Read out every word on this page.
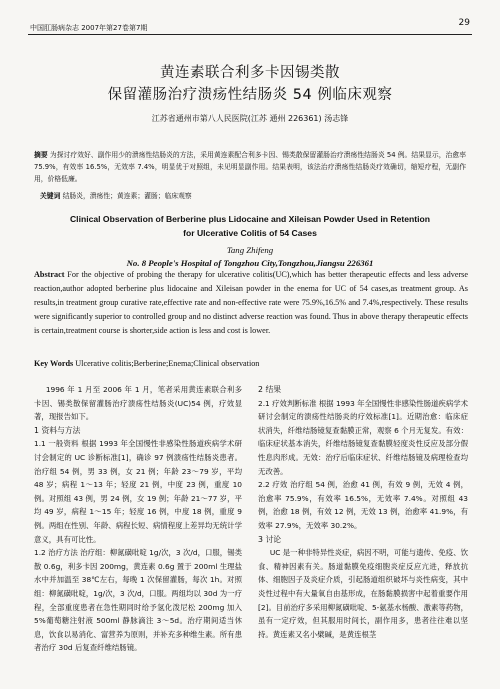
中国肛肠病杂志 2007年第27卷第7期	29
黄连素联合利多卡因锡类散
保留灌肠治疗溃疡性结肠炎 54 例临床观察
江苏省通州市第八人民医院(江苏 通州 226361) 汤志锋
摘要 为探讨疗效好、副作用少的溃疡性结肠炎的方法，采用黄连素配合利多卡因、锡类散保留灌肠治疗溃疡性结肠炎 54 例。结果显示，治愈率 75.9%，有效率 16.5%，无效率 7.4%，明显优于对照组，未见明显副作用。结果表明，该法治疗溃疡性结肠炎疗效确切，缩短疗程，无副作用，价格低廉。
关键词 结肠炎，溃疡性；黄连素；灌肠；临床观察
Clinical Observation of Berberine plus Lidocaine and Xileisan Powder Used in Retention
for Ulcerative Colitis of 54 Cases
Tang Zhifeng
No. 8 People's Hospital of Tongzhou City,Tongzhou,Jiangsu 226361
Abstract For the objective of probing the therapy for ulcerative colitis(UC),which has better therapeutic effects and less adverse reaction,author adopted berberine plus lidocaine and Xileisan powder in the enema for UC of 54 cases,as treatment group. As results,in treatment group curative rate,effective rate and non-effective rate were 75.9%,16.5% and 7.4%,respectively. These results were significantly superior to controlled group and no distinct adverse reaction was found. Thus in above therapy therapeutic effects is certain,treatment course is shorter,side action is less and cost is lower.
Key Words Ulcerative colitis;Berberine;Enema;Clinical observation

1996 年 1 月至 2006 年 1 月，笔者采用黄连素联合利多卡因、锡类散保留灌肠治疗溃疡性结肠炎(UC)54 例，疗效显著，现报告如下。

1 资料与方法

1.1 一般资料 根据 1993 年全国慢性非感染性肠道疾病学术研讨会制定的 UC 诊断标准[1]，确诊 97 例溃疡性结肠炎患者。治疗组 54 例，男 33 例，女 21 例；年龄 23～79 岁，平均 48 岁；病程 1～13 年；轻度 21 例，中度 23 例，重度 10 例。对照组 43 例，男 24 例，女 19 例；年龄 21～77 岁，平均 49 岁，病程 1～15 年；轻度 16 例，中度 18 例，重度 9 例。两组在性别、年龄、病程长短、病情程度上差异均无统计学意义，具有可比性。

1.2 治疗方法 治疗组：柳氮磺吡啶 1g/次，3 次/d，口服，锡类散 0.6g，利多卡因 200mg，黄连素 0.6g 置于 200ml 生理盐水中并加温至 38℃左右，每晚 1 次保留灌肠，每次 1h。对照组：柳氮磺吡啶，1g/次，3 次/d，口服。两组均以 30d 为一疗程，全部重度患者在急性期同时给予氢化泼尼松 200mg 加入 5%葡萄糖注射液 500ml 静脉滴注 3～5d。治疗期间适当休息，饮食以易消化、富营养为原则，并补充多种维生素。所有患者治疗 30d 后复查纤维结肠镜。

2 结果

2.1 疗效判断标准 根据 1993 年全国慢性非感染性肠道疾病学术研讨会制定的溃疡性结肠炎的疗效标准[1]。近期治愈：临床症状消失，纤维结肠镜复查黏膜正常，观察 6 个月无复发。有效：临床症状基本消失，纤维结肠镜复查黏膜轻度炎性反应及部分假性息肉形成。无效：治疗后临床症状、纤维结肠镜及病理检查均无改善。

2.2 疗效 治疗组 54 例，治愈 41 例，有效 9 例，无效 4 例，治愈率 75.9%，有效率 16.5%，无效率 7.4%。对照组 43 例，治愈 18 例，有效 12 例，无效 13 例，治愈率 41.9%，有效率 27.9%，无效率 30.2%。

3 讨论

UC 是一种非特异性炎症，病因不明，可能与遗传、免疫、饮食、精神因素有关。肠道黏膜免疫细胞炎症反应亢进，释放抗体、细胞因子及炎症介质，引起肠道组织破坏与炎性病变，其中炎性过程中有大量氧自由基形成，在肠黏膜损害中起着重要作用[2]。目前治疗多采用柳氮磺吡啶、5-氨基水杨酸、激素等药物，虽有一定疗效，但其服用时间长，副作用多，患者往往难以坚持。黄连素又名小檗碱，是黄连根茎
